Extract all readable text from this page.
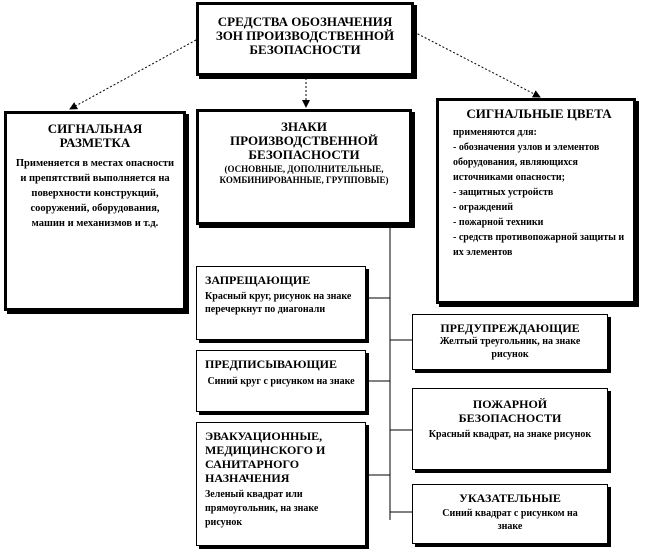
СРЕДСТВА ОБОЗНАЧЕНИЯ ЗОН ПРОИЗВОДСТВЕННОЙ БЕЗОПАСНОСТИ
СИГНАЛЬНАЯ РАЗМЕТКА
Применяется в местах опасности и препятствий выполняется на поверхности конструкций, сооружений, оборудования, машин и механизмов и т.д.
ЗНАКИ ПРОИЗВОДСТВЕННОЙ БЕЗОПАСНОСТИ
(ОСНОВНЫЕ, ДОПОЛНИТЕЛЬНЫЕ, КОМБИНИРОВАННЫЕ, ГРУППОВЫЕ)
СИГНАЛЬНЫЕ ЦВЕТА
применяются для:
- обозначения узлов и элементов оборудования, являющихся источниками опасности;
- защитных устройств
- ограждений
- пожарной техники
- средств противопожарной защиты и их элементов
ЗАПРЕЩАЮЩИЕ
Красный круг, рисунок на знаке перечеркнут по диагонали
ПРЕДПИСЫВАЮЩИЕ
Синий круг с рисунком на знаке
ЭВАКУАЦИОННЫЕ, МЕДИЦИНСКОГО И САНИТАРНОГО НАЗНАЧЕНИЯ
Зеленый квадрат или прямоугольник, на знаке рисунок
ПРЕДУПРЕЖДАЮЩИЕ
Желтый треугольник, на знаке рисунок
ПОЖАРНОЙ БЕЗОПАСНОСТИ
Красный квадрат, на знаке рисунок
УКАЗАТЕЛЬНЫЕ
Синий квадрат с рисунком на знаке
